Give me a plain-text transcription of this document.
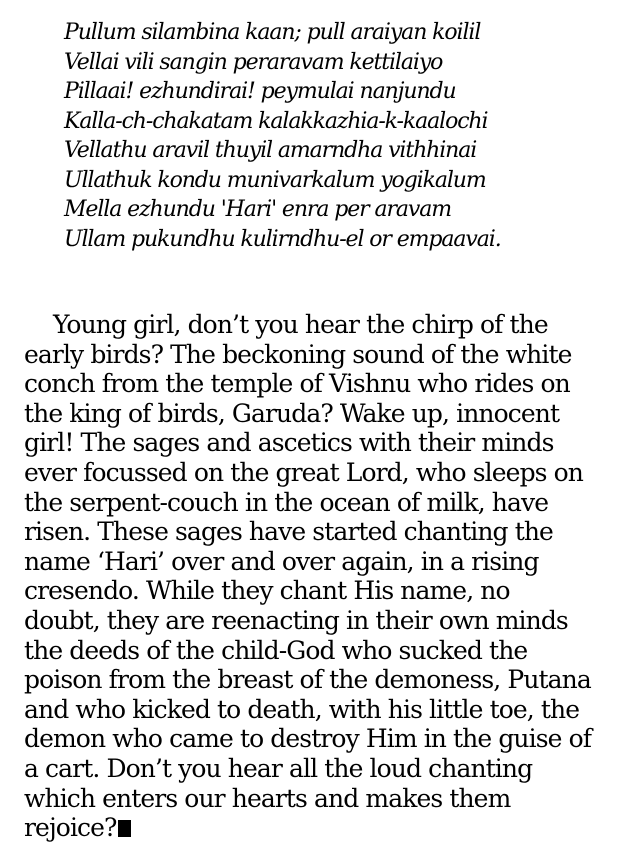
Pullum silambina kaan; pull araiyan koilil
Vellai vili sangin peraravam kettilaiyo
Pillaai! ezhundirai! peymulai nanjundu
Kalla-ch-chakatam kalakkazhia-k-kaalochi
Vellathu aravil thuyil amarndha vithhinai
Ullathuk kondu munivarkalum yogikalum
Mella ezhundu 'Hari' enra per aravam
Ullam pukundhu kulirndhu-el or empaavai.
Young girl, don’t you hear the chirp of the
early birds? The beckoning sound of the white
conch from the temple of Vishnu who rides on
the king of birds, Garuda? Wake up, innocent
girl! The sages and ascetics with their minds
ever focussed on the great Lord, who sleeps on
the serpent-couch in the ocean of milk, have
risen. These sages have started chanting the
name ‘Hari’ over and over again, in a rising
cresendo. While they chant His name, no
doubt, they are reenacting in their own minds
the deeds of the child-God who sucked the
poison from the breast of the demoness, Putana
and who kicked to death, with his little toe, the
demon who came to destroy Him in the guise of
a cart. Don’t you hear all the loud chanting
which enters our hearts and makes them
rejoice?
